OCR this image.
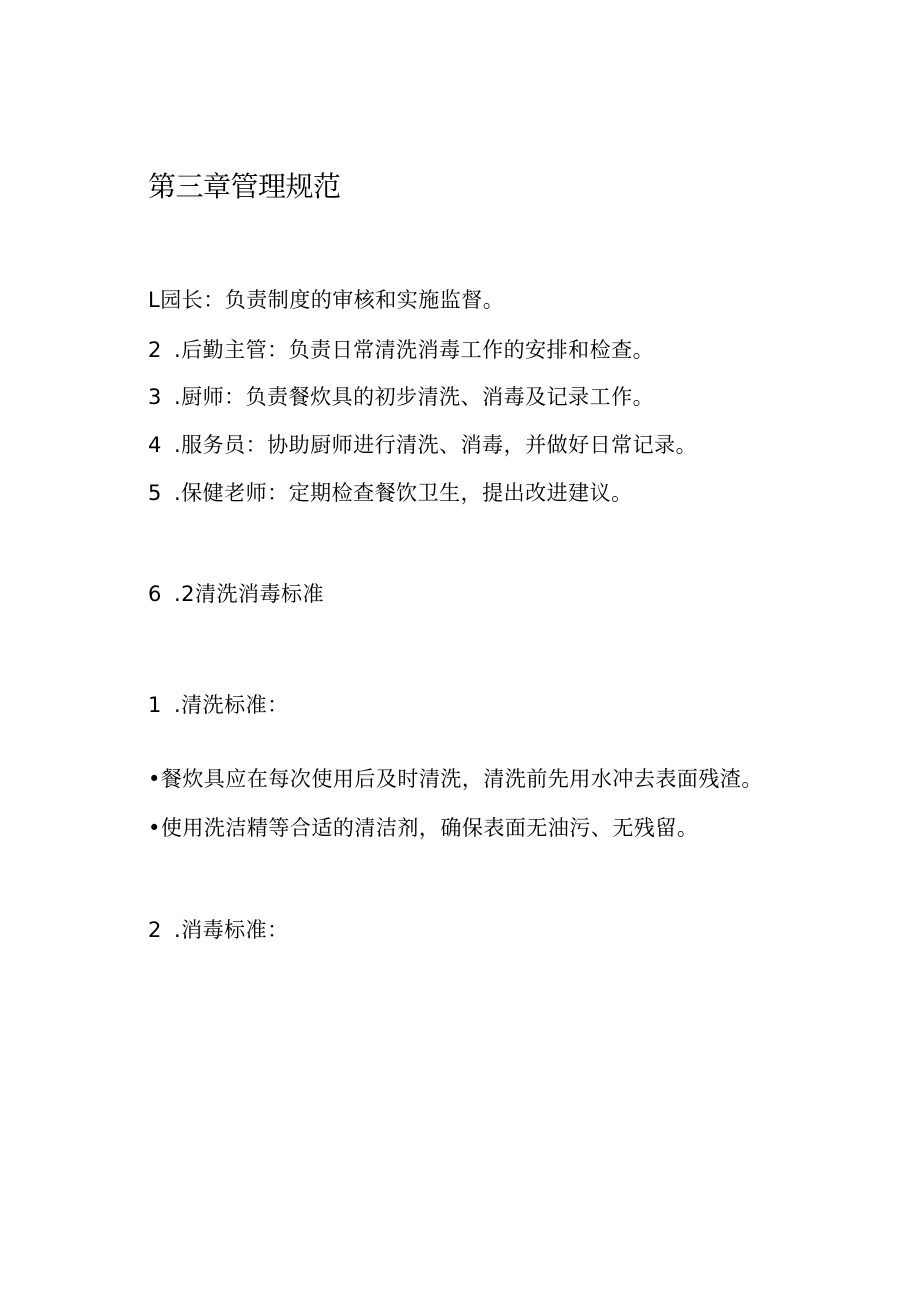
第三章管理规范
L园长：负责制度的审核和实施监督。
2 .后勤主管：负责日常清洗消毒工作的安排和检查。
3 .厨师：负责餐炊具的初步清洗、消毒及记录工作。
4 .服务员：协助厨师进行清洗、消毒，并做好日常记录。
5 .保健老师：定期检查餐饮卫生，提出改进建议。
6 .2清洗消毒标准
1 .清洗标准：
•餐炊具应在每次使用后及时清洗，清洗前先用水冲去表面残渣。
•使用洗洁精等合适的清洁剂，确保表面无油污、无残留。
2 .消毒标准：
